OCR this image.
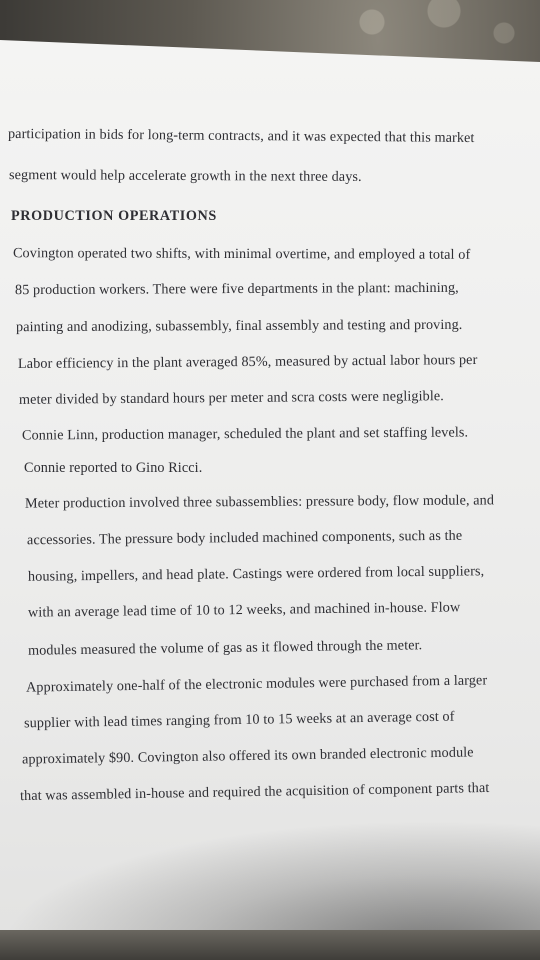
participation in bids for long-term contracts, and it was expected that this market
segment would help accelerate growth in the next three days.
PRODUCTION OPERATIONS
Covington operated two shifts, with minimal overtime, and employed a total of
85 production workers. There were five departments in the plant: machining,
painting and anodizing, subassembly, final assembly and testing and proving.
Labor efficiency in the plant averaged 85%, measured by actual labor hours per
meter divided by standard hours per meter and scra costs were negligible.
Connie Linn, production manager, scheduled the plant and set staffing levels.
Connie reported to Gino Ricci.
Meter production involved three subassemblies: pressure body, flow module, and
accessories. The pressure body included machined components, such as the
housing, impellers, and head plate. Castings were ordered from local suppliers,
with an average lead time of 10 to 12 weeks, and machined in-house. Flow
modules measured the volume of gas as it flowed through the meter.
Approximately one-half of the electronic modules were purchased from a larger
supplier with lead times ranging from 10 to 15 weeks at an average cost of
approximately $90. Covington also offered its own branded electronic module
that was assembled in-house and required the acquisition of component parts that
